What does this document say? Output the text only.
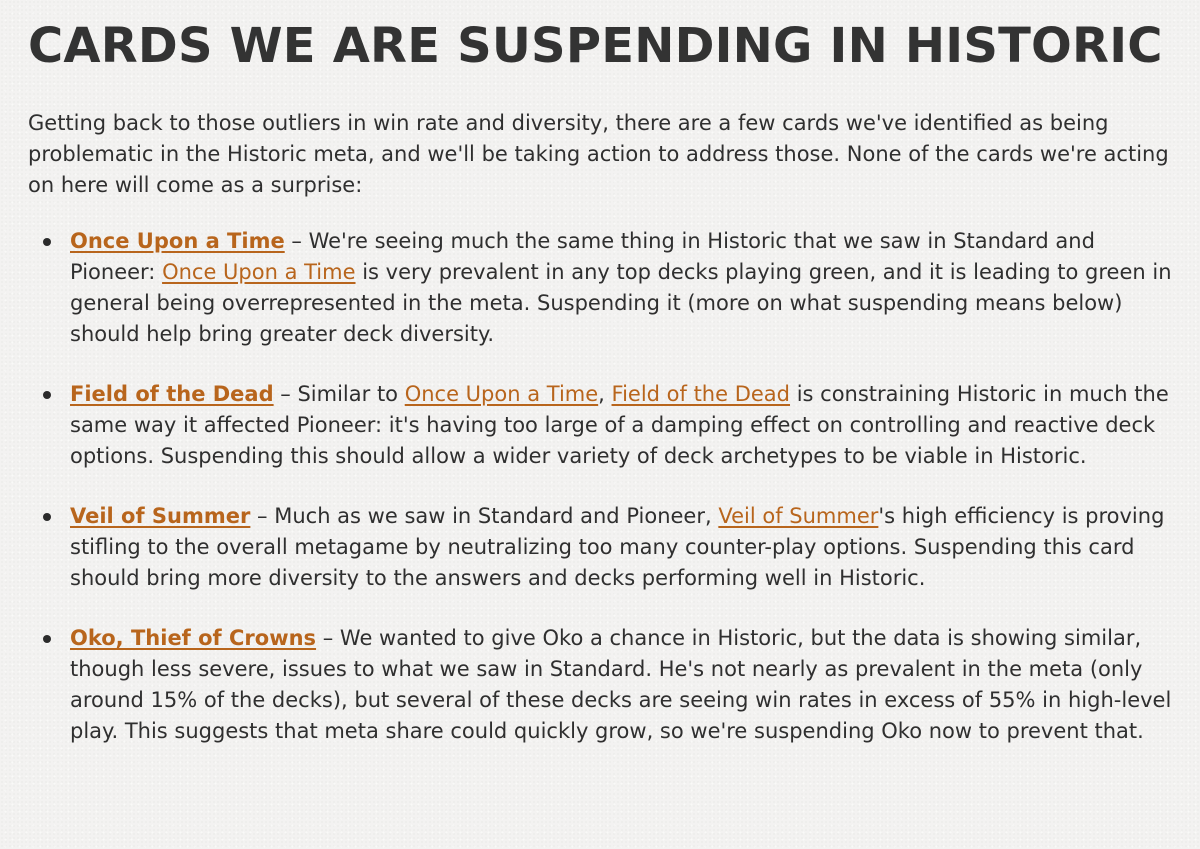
CARDS WE ARE SUSPENDING IN HISTORIC

Getting back to those outliers in win rate and diversity, there are a few cards we've identified as being problematic in the Historic meta, and we'll be taking action to address those. None of the cards we're acting on here will come as a surprise:

Once Upon a Time – We're seeing much the same thing in Historic that we saw in Standard and Pioneer: Once Upon a Time is very prevalent in any top decks playing green, and it is leading to green in general being overrepresented in the meta. Suspending it (more on what suspending means below) should help bring greater deck diversity.
Field of the Dead – Similar to Once Upon a Time, Field of the Dead is constraining Historic in much the same way it affected Pioneer: it's having too large of a damping effect on controlling and reactive deck options. Suspending this should allow a wider variety of deck archetypes to be viable in Historic.
Veil of Summer – Much as we saw in Standard and Pioneer, Veil of Summer's high efficiency is proving stifling to the overall metagame by neutralizing too many counter-play options. Suspending this card should bring more diversity to the answers and decks performing well in Historic.
Oko, Thief of Crowns – We wanted to give Oko a chance in Historic, but the data is showing similar, though less severe, issues to what we saw in Standard. He's not nearly as prevalent in the meta (only around 15% of the decks), but several of these decks are seeing win rates in excess of 55% in high-level play. This suggests that meta share could quickly grow, so we're suspending Oko now to prevent that.
